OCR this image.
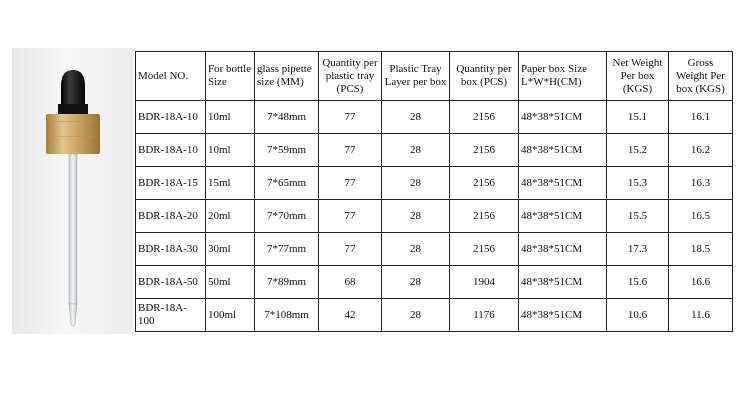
Model NO.	For bottle Size	glass pipette size (MM)	Quantity per plastic tray (PCS)	Plastic Tray Layer per box	Quantity per box (PCS)	Paper box Size L*W*H(CM)	Net Weight Per box (KGS)	Gross Weight Per box (KGS)
BDR-18A-10	10ml	7*48mm	77	28	2156	48*38*51CM	15.1	16.1
BDR-18A-10	10ml	7*59mm	77	28	2156	48*38*51CM	15.2	16.2
BDR-18A-15	15ml	7*65mm	77	28	2156	48*38*51CM	15.3	16.3
BDR-18A-20	20ml	7*70mm	77	28	2156	48*38*51CM	15.5	16.5
BDR-18A-30	30ml	7*77mm	77	28	2156	48*38*51CM	17.3	18.5
BDR-18A-50	50ml	7*89mm	68	28	1904	48*38*51CM	15.6	16.6
BDR-18A-100	100ml	7*108mm	42	28	1176	48*38*51CM	10.6	11.6
